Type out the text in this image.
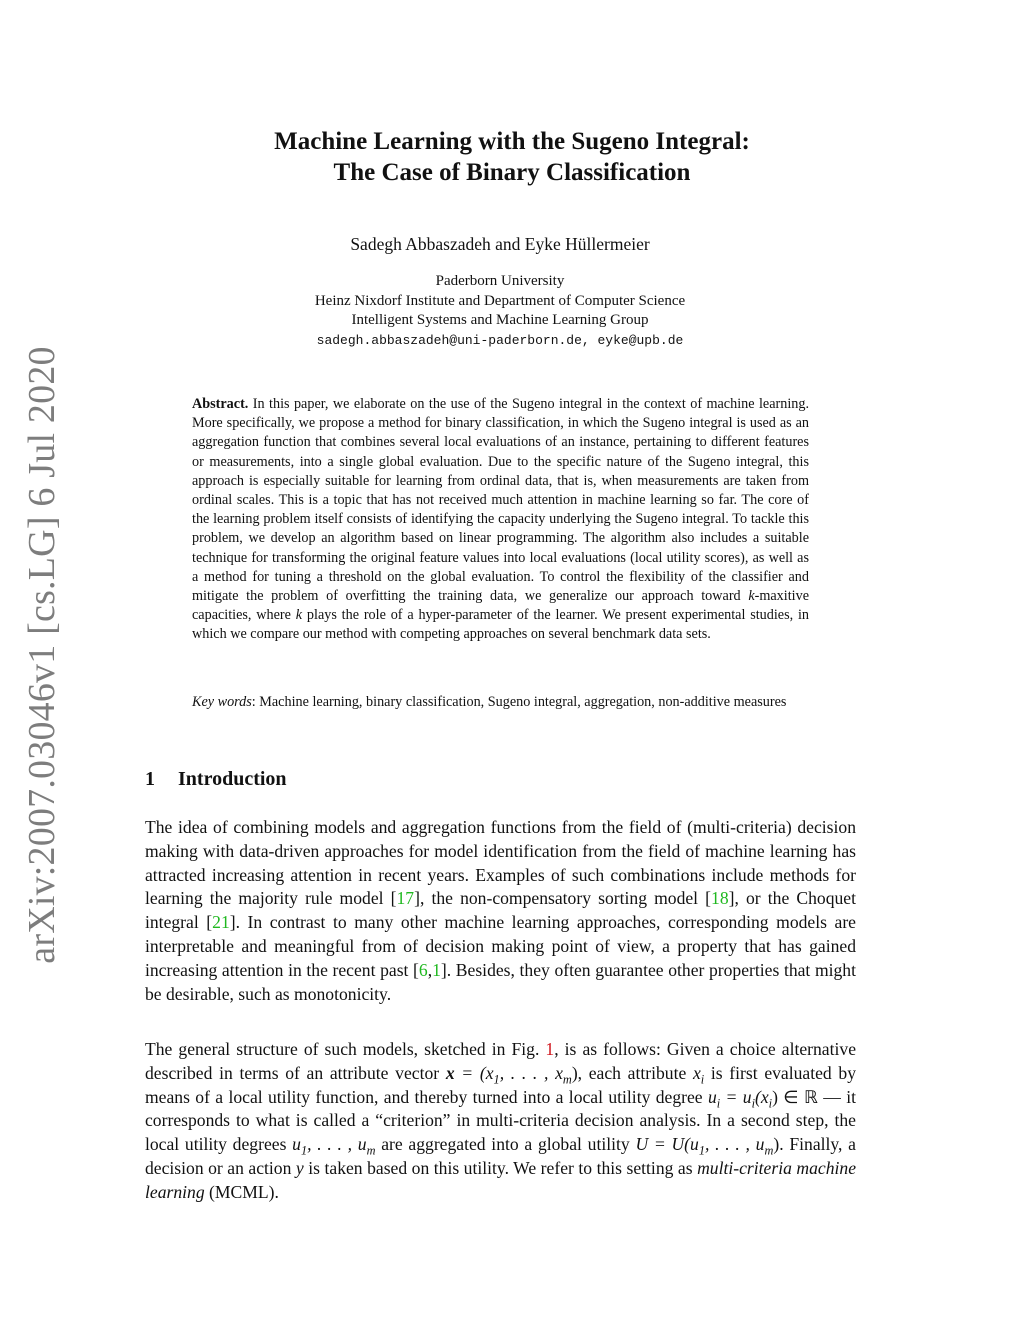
arXiv:2007.03046v1 [cs.LG] 6 Jul 2020
Machine Learning with the Sugeno Integral:
The Case of Binary Classification
Sadegh Abbaszadeh and Eyke Hüllermeier
Paderborn University
Heinz Nixdorf Institute and Department of Computer Science
Intelligent Systems and Machine Learning Group
sadegh.abbaszadeh@uni-paderborn.de, eyke@upb.de
Abstract. In this paper, we elaborate on the use of the Sugeno integral in the context of machine learning. More specifically, we propose a method for binary classification, in which the Sugeno integral is used as an aggregation function that combines several local evaluations of an instance, pertaining to different features or measurements, into a single global evaluation. Due to the specific nature of the Sugeno integral, this approach is especially suitable for learning from ordinal data, that is, when measurements are taken from ordinal scales. This is a topic that has not received much attention in machine learning so far. The core of the learning problem itself consists of identifying the capacity underlying the Sugeno integral. To tackle this problem, we develop an algorithm based on linear programming. The algorithm also includes a suitable technique for transforming the original feature values into local evaluations (local utility scores), as well as a method for tuning a threshold on the global evaluation. To control the flexibility of the classifier and mitigate the problem of overfitting the training data, we generalize our approach toward k-maxitive capacities, where k plays the role of a hyper-parameter of the learner. We present experimental studies, in which we compare our method with competing approaches on several benchmark data sets.
Key words: Machine learning, binary classification, Sugeno integral, aggregation, non-additive measures
1 Introduction
The idea of combining models and aggregation functions from the field of (multi-criteria) decision making with data-driven approaches for model identification from the field of machine learning has attracted increasing attention in recent years. Examples of such combinations include methods for learning the majority rule model [17], the non-compensatory sorting model [18], or the Choquet integral [21]. In contrast to many other machine learning approaches, corresponding models are interpretable and meaningful from of decision making point of view, a property that has gained increasing attention in the recent past [6,1]. Besides, they often guarantee other properties that might be desirable, such as monotonicity.
The general structure of such models, sketched in Fig. 1, is as follows: Given a choice alternative described in terms of an attribute vector $x = (x_1$, . . . , $x_m$), each attribute $x_i$ is first evaluated by means of a local utility function, and thereby turned into a local utility degree $u_i = u_i(x_i)$ ∈ ℝ — it corresponds to what is called a “criterion” in multi-criteria decision analysis. In a second step, the local utility degrees $u_1$, . . . , $u_m$ are aggregated into a global utility $U = U(u_1$, . . . , $u_m$). Finally, a decision or an action y is taken based on this utility. We refer to this setting as multi-criteria machine learning (MCML).
